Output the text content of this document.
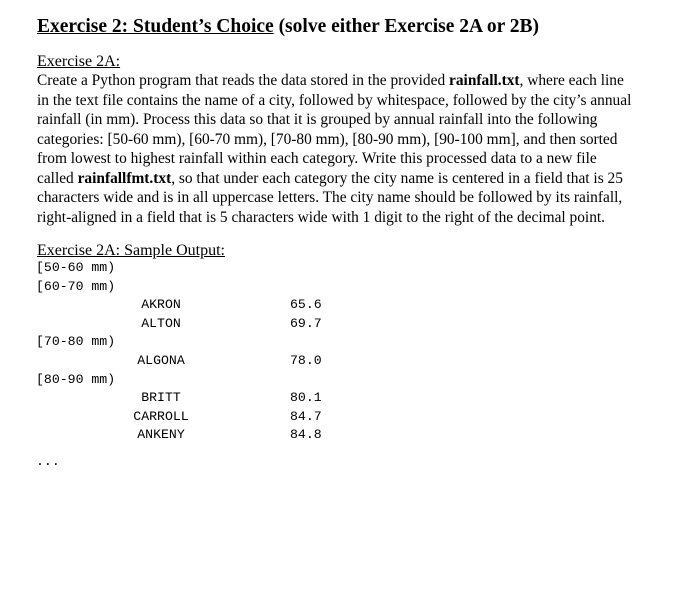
Exercise 2: Student’s Choice (solve either Exercise 2A or 2B)
Exercise 2A:
Create a Python program that reads the data stored in the provided rainfall.txt, where each line
in the text file contains the name of a city, followed by whitespace, followed by the city’s annual
rainfall (in mm). Process this data so that it is grouped by annual rainfall into the following
categories: [50-60 mm), [60-70 mm), [70-80 mm), [80-90 mm), [90-100 mm], and then sorted
from lowest to highest rainfall within each category. Write this processed data to a new file
called rainfallfmt.txt, so that under each category the city name is centered in a field that is 25
characters wide and is in all uppercase letters. The city name should be followed by its rainfall,
right-aligned in a field that is 5 characters wide with 1 digit to the right of the decimal point.
Exercise 2A: Sample Output:
[50-60 mm)
[60-70 mm)
AKRON	65.6
ALTON	69.7
[70-80 mm)
ALGONA	78.0
[80-90 mm)
BRITT	80.1
CARROLL	84.7
ANKENY	84.8
...
